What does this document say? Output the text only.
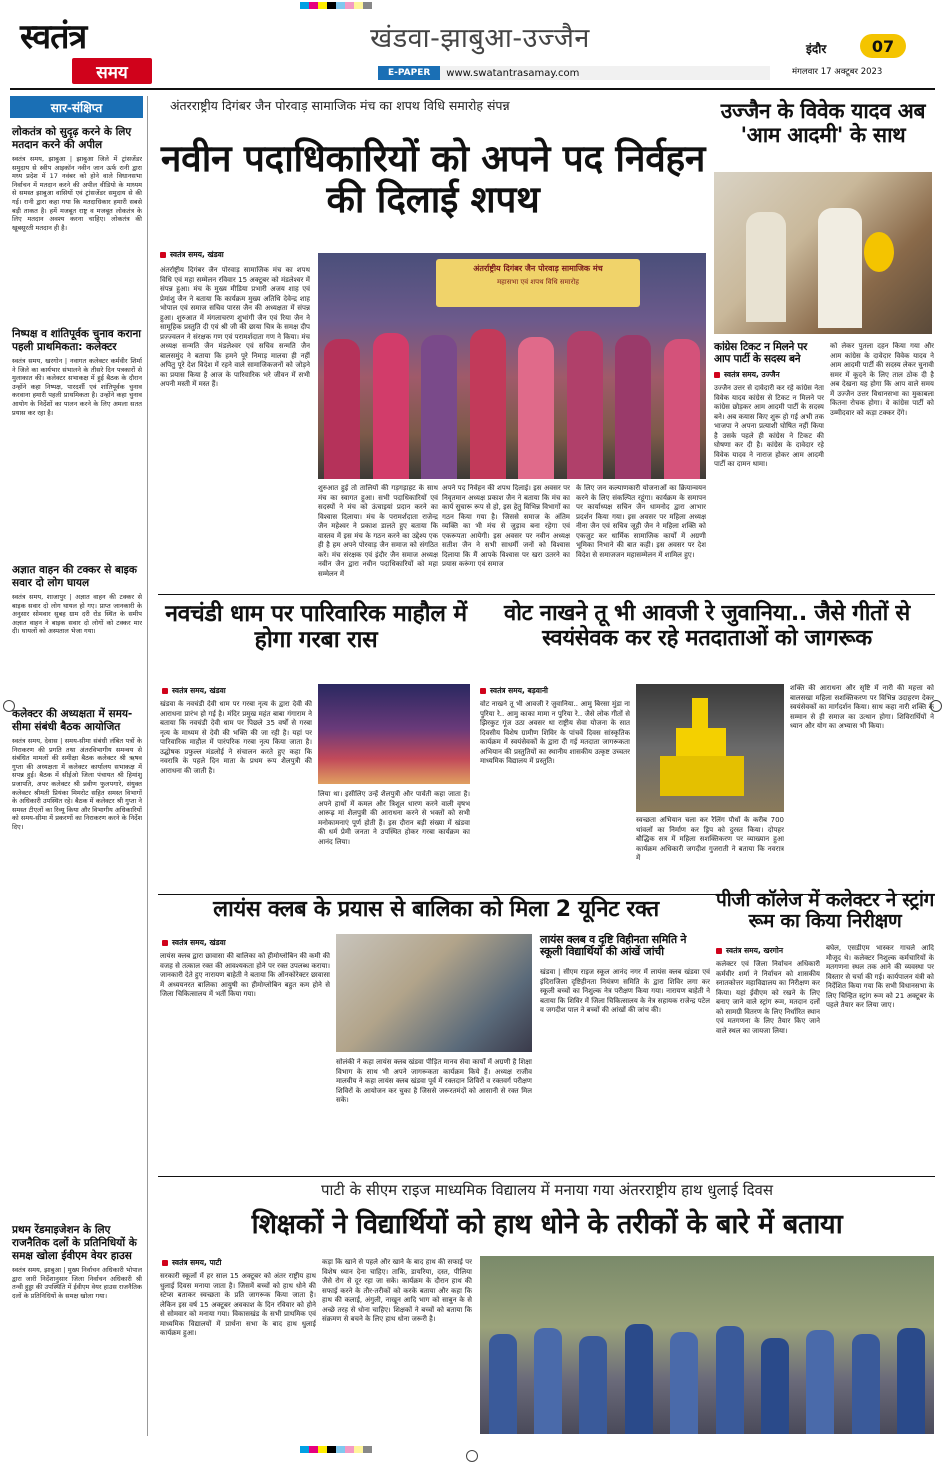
स्वतंत्र
समय
खंडवा-झाबुआ-उज्जैन
E-PAPER	www.swatantrasamay.com
इंदौर	07
मंगलवार 17 अक्टूबर 2023
सार-संक्षिप्त
लोकतंत्र को सुदृढ़ करने के लिए मतदान करने की अपील
स्वतंत्र समय, झाबुआ | झाबुआ जिले में ट्रांसजेंडर समुदाय से स्वीप आइकॉन नवीन जान ऊर्फ रानी द्वारा मध्य प्रदेश में 17 नवंबर को होने वाले विधानसभा निर्वाचन में मतदान करने की अपील वीडियो के माध्यम से समस्त झाबुआ वासियों एवं ट्रांसजेंडर समुदाय से की गई। रानी द्वारा कहा गया कि मतदाधिकार हमारी सबसे बड़ी ताकत है। हमें मजबूत राष्ट्र व मजबूत लोकतंत्र के लिए मतदान अवश्य करना चाहिए। लोकतंत्र की खूबसूरती मतदान ही है।
निष्पक्ष व शांतिपूर्वक चुनाव कराना पहली प्राथमिकता: कलेक्टर
स्वतंत्र समय, खरगोन | नवागत कलेक्टर कर्मवीर शिर्मा ने जिले का कार्यभार संभालने के तीसरे दिन पत्रकारों से मुलाकात की। कलेक्टर सभाकक्ष में हुई बैठक के दौरान उन्होंने कहा निष्पक्ष, पारदर्शी एवं शांतिपूर्वक चुनाव करवाना हमारी पहली प्राथमिकता है। उन्होंने कहा चुनाव आयोग के निर्देशों का पालन करने के लिए अमला सतत प्रयास कर रहा है।
अज्ञात वाहन की टक्कर से बाइक सवार दो लोग घायल
स्वतंत्र समय, शाजापुर | अज्ञात वाहन की टक्कर से बाइक सवार दो लोग घायल हो गए। प्राप्त जानकारी के अनुसार सोमवार सुबह ग्राम दरी रोड स्थित के समीप अज्ञात वाहन ने बाइक सवार दो लोगों को टक्कर मार दी। घायलों को अस्पताल भेजा गया।
कलेक्टर की अध्यक्षता में समय-सीमा संबंधी बैठक आयोजित
स्वतंत्र समय, देवास | समय-सीमा संबंधी लंबित पत्रों के निराकरण की प्रगति तथा अंतरविभागीय समन्वय से संबंधित मामलों की समीक्षा बैठक कलेक्टर श्री ऋषव गुप्ता की अध्यक्षता में कलेक्टर कार्यालय सभाकक्ष में सपन्न हुई। बैठक में सीईओ जिला पंचायत श्री हिमांशु प्रजापति, अपर कलेक्टर श्री प्रवीण फुलपगारे, संयुक्त कलेक्टर श्रीमती प्रियंका मिमरोट सहित समस्त विभागों के अधिकारी उपस्थित रहे। बैठक में कलेक्टर श्री गुप्ता ने समस्त टीएलों का रिव्यू किया और विभागीय अधिकारियों को समय-सीमा में प्रकरणों का निराकरण करने के निर्देश दिए।
प्रथम रेंडमाइजेशन के लिए राजनैतिक दलों के प्रतिनिधियों के समक्ष खोला ईवीएम वेयर हाउस
स्वतंत्र समय, झाबुआ | मुख्य निर्वाचन अधिकारी भोपाल द्वारा जारी निर्देशानुसार जिला निर्वाचन अधिकारी श्री तन्वी हुड्डा की उपस्थिति में ईवीएम वेयर हाउस राजनैतिक दलों के प्रतिनिधियों के समक्ष खोला गया।
अंतरराष्ट्रीय दिगंबर जैन पोरवाड़ सामाजिक मंच का शपथ विधि समारोह संपन्न
नवीन पदाधिकारियों को अपने पद निर्वहन की दिलाई शपथ
स्वतंत्र समय, खंडवा
अंतर्राष्ट्रीय दिगंबर जैन पोरवाड़ सामाजिक मंच का शपथ विधि एवं महा सम्मेलन रविवार 15 अक्टूबर को मंडलेश्वर में संपन्न हुआ। मंच के मुख्य मीडिया प्रभारी अजय शाह एवं प्रेमांशु जैन ने बताया कि कार्यक्रम मुख्य अतिथि देवेन्द्र शाह भोपाल एवं समाज सचिव पारस जैन की अध्यक्षता में संपन्न हुआ। शुरुआत में मंगलाचरण शुभांगी जैन एवं रिया जैन ने सामूहिक प्रस्तुति दी एवं श्री जी की छाया चित्र के समक्ष दीप प्रज्ज्वलन ने संरक्षक गण एवं परामर्शदाता गण ने किया। मंच अध्यक्ष सन्मति जैन मंडलेश्वर एवं सचिव सन्मति जैन बालसमुंद ने बताया कि हमने पूरे निमाड़ मालवा ही नहीं अपितु पूरे देश विदेश में रहने वाले सामाजिकजनों को जोड़ने का प्रयास किया है आज के पारिवारिक भरे जीवन में सभी अपनी मस्ती में मस्त हैं।
अंतर्राष्ट्रीय दिगंबर जैन पोरवाड़ सामाजिक मंच
महासभा एवं शपथ विधि समारोह
शुरुआत हुई तो तालियों की गड़गड़ाहट के साथ मंच का स्वागत हुआ। सभी पदाधिकारियों एवं सदस्यों ने मंच को ऊंचाइयां प्रदान करने का विश्वास दिलाया। मंच के परामर्शदाता राजेन्द्र जैन महेश्वर ने प्रकाश डालते हुए बताया कि वास्तव में इस मंच के गठन करने का उद्देश्य एक ही है हम अपने पोरवाड़ जैन समाज को संगठित करें। मंच संरक्षक एवं इंदौर जैन समाज अध्यक्ष नवीन जैन द्वारा नवीन पदाधिकारियों को महा सम्मेलन में
अपने पद निर्वहन की शपथ दिलाई। इस अवसर पर निवृतमान अध्यक्ष प्रकाश जैन ने बताया कि मंच का कार्य सुचारू रूप से हो, इस हेतु विभिन्न विभागों का गठन किया गया है। जिससे समाज के अंतिम व्यक्ति का भी मंच से जुड़ाव बना रहेगा एवं एकरूपता आयेगी। इस अवसर पर नवीन अध्यक्ष सतीश जैन ने सभी साधर्मी जनों को विश्वास दिलाया कि मैं आपके विश्वास पर खरा उतरने का प्रयास करूंगा एवं समाज
के लिए जन कल्याणकारी योजनाओं का क्रियान्वयन करने के लिए संकल्पित रहूंगा। कार्यक्रम के समापन पर कार्याध्यक्ष सचिन जैन धामनोद द्वारा आभार प्रदर्शन किया गया। इस अवसर पर महिला अध्यक्ष नीना जैन एवं सचिव जूही जैन ने महिला शक्ति को एकजुट कर धार्मिक सामाजिक कार्यों में अग्रणी भूमिका निभाने की बात कही। इस अवसर पर देश विदेश से समाजजन महासम्मेलन में शामिल हुए।
उज्जैन के विवेक यादव अब 'आम आदमी' के साथ
कांग्रेस टिकट न मिलने पर आप पार्टी के सदस्य बने
स्वतंत्र समय, उज्जैन
उज्जैन उत्तर से दावेदारी कर रहे कांग्रेस नेता विवेक यादव कांग्रेस से टिकट न मिलने पर कांग्रेस छोड़कर आम आदमी पार्टी के सदस्य बने। अब कयास किए शुरू हो गई अभी तक भाजपा ने अपना प्रत्याशी घोषित नहीं किया है उसके पहले ही कांग्रेस ने टिकट की घोषणा कर दी है। कांग्रेस के दावेदार रहे विवेक यादव ने नाराज होकर आम आदमी पार्टी का दामन थामा।
को लेकर पुतला दहन किया गया और आम कांग्रेस के दावेदार विवेक यादव ने आम आदमी पार्टी की सदस्य लेकर चुनावी समर में कूदने के लिए ताल ठोक दी है अब देखना यह होगा कि आप वाले समय में उज्जैन उत्तर विधानसभा का मुकाबला कितना रोचक होगा। वे कांग्रेस पार्टी को उम्मीदवार को कड़ा टक्कर देंगे।
नवचंडी धाम पर पारिवारिक माहौल में होगा गरबा रास
स्वतंत्र समय, खंडवा
खंडवा के नवचंडी देवी धाम पर गरबा नृत्य के द्वारा देवी की आराधना प्रारंभ हो गई है। मंदिर प्रमुख महंत बाबा गंगाराम ने बताया कि नवचंडी देवी धाम पर पिछले 35 वर्षों से गरबा नृत्य के माध्यम से देवी की भक्ति की जा रही है। यहां पर पारिवारिक माहौल में पारंपरिक गरबा नृत्य किया जाता है। उद्घोषक प्रफुल्ल मंडलोई ने संचालन करते हुए कहा कि नवरात्रि के पहले दिन माता के प्रथम रूप शैलपुत्री की आराधना की जाती है।
लिया था। इसीलिए उन्हें शैलपुत्री और पार्वती कहा जाता है। अपने हाथों में कमल और त्रिशूल धारण करने वाली वृषभ आरूढ़ मां शैलपुत्री की आराधना करने से भक्तों को सभी मनोकामनाएं पूर्ण होती हैं। इस दौरान बड़ी संख्या में खंडवा की धर्म प्रेमी जनता ने उपस्थित होकर गरबा कार्यक्रम का आनंद लिया।
वोट नाखने तू भी आवजी रे जुवानिया.. जैसे गीतों से स्वयंसेवक कर रहे मतदाताओं को जागरूक
स्वतंत्र समय, बड़वानी
वोट नाखने तू भी आवजी रे जुवानिया.. आमु बिरसा मुंडा ना पुरिया रे.. आमु काका मामा न पुरिया रे.. जैसे लोक गीतों से झिरकुट गूंज उठा अवसर था राष्ट्रीय सेवा योजना के सात दिवसीय विशेष ग्रामीण शिविर के पांचवें दिवस सांस्कृतिक कार्यक्रम में स्वयंसेवकों के द्वारा दी गई मतदाता जागरूकता अभियान की प्रस्तुतियों का स्थानीय शासकीय उत्कृष्ट उच्चतर माध्यमिक विद्यालय में प्रस्तुति।
स्वच्छता अभियान चला कर रैलिंग पौधों के करीब 700 थांवलों का निर्माण कर ड्रिप को दुरस्त किया। दोपहर बौद्धिक सत्र में महिला सशक्तिकरण पर व्याख्यान हुआ कार्यक्रम अधिकारी जगदीश गुजराती ने बताया कि नवरात्र में
शक्ति की आराधना और सृष्टि में नारी की महत्ता को बालसखा महिला सशक्तिकरण पर विभिन्न उदाहरण देकर स्वयंसेवकों का मार्गदर्शन किया। साथ कहा नारी शक्ति के सम्मान से ही समाज का उत्थान होगा। शिविरार्थियों ने ध्यान और योग का अभ्यास भी किया।
लायंस क्लब के प्रयास से बालिका को मिला 2 यूनिट रक्त
स्वतंत्र समय, खंडवा
लायंस क्लब द्वारा छावासा की बालिका को हीमोग्लोबिन की कमी की वजह से तत्काल रक्त की आवश्यकता होने पर रक्त उपलब्ध कराया। जानकारी देते हुए नारायण बाहेती ने बताया कि ऑनकोरेक्टर छावासा में अध्ययनरत बालिका आयुषी का हीमोग्लोबिन बहुत कम होने से जिला चिकित्सालय में भर्ती किया गया।
सोलंकी ने कहा लायंस क्लब खंडवा पीड़ित मानव सेवा कार्यों में अग्रणी है शिक्षा विभाग के साथ भी अपने जागरूकता कार्यक्रम किये हैं। अध्यक्ष राजीव मालवीय ने कहा लायंस क्लब खंडवा पूर्व में रक्तदान शिविरों व रक्तवर्ग परीक्षण शिविरों के आयोजन कर चुका है जिससे जरूरतमंदों को आसानी से रक्त मिल सके।
लायंस क्लब व दृष्टि विहीनता समिति ने स्कूली विद्यार्थियों की आंखें जांची
खंडवा | सीएम राइज स्कूल आनंद नगर में लायंस क्लब खंडवा एवं इंदिराजिला दृष्टिहीनता नियंत्रण समिति के द्वारा शिविर लगा कर स्कूली बच्चों का निशुल्क नेत्र परीक्षण किया गया। नारायण बाहेती ने बताया कि शिविर में जिला चिकित्सालय के नेत्र सहायक राजेन्द्र पटेल व जगदीश पाल ने बच्चों की आंखों की जांच की।
पीजी कॉलेज में कलेक्टर ने स्ट्रांग रूम का किया निरीक्षण
स्वतंत्र समय, खरगोन
कलेक्टर एवं जिला निर्वाचन अधिकारी कर्मवीर शर्मा ने निर्वाचन को शासकीय स्नातकोत्तर महाविद्यालय का निरीक्षण कर किया। यहां ईवीएम को रखने के लिए बनाए जाने वाले स्ट्रांग रूम, मतदान दलों को सामग्री वितरण के लिए निर्धारित स्थान एवं मतगणना के लिए तैयार किए जाने वाले स्थल का जायजा लिया।
बघेल, एसडीएम भास्कर गाचले आदि मौजूद थे। कलेक्टर निशुल्क कर्मचारियों के मतगणना स्थल तक आने की व्यवस्था पर विस्तार से चर्चा की गई। कार्यपालन यंत्री को निर्देशित किया गया कि सभी विधानसभा के लिए चिन्हित स्ट्रांग रूम को 21 अक्टूबर के पहले तैयार कर लिया जाए।
पाटी के सीएम राइज माध्यमिक विद्यालय में मनाया गया अंतरराष्ट्रीय हाथ धुलाई दिवस
शिक्षकों ने विद्यार्थियों को हाथ धोने के तरीकों के बारे में बताया
स्वतंत्र समय, पाटी
सरकारी स्कूलों में हर साल 15 अक्टूबर को अंतर राष्ट्रीय हाथ धुलाई दिवस मनाया जाता है। जिसमें बच्चों को हाथ धोने की स्टेप्स बताकर स्वच्छता के प्रति जागरूक किया जाता है। लेकिन इस वर्ष 15 अक्टूबर अवकाश के दिन रविवार को होने से सोमवार को मनाया गया। विकासखंड के सभी प्राथमिक एवं माध्यमिक विद्यालयों में प्रार्थना सभा के बाद हाथ धुलाई कार्यक्रम हुआ।
कड़ा कि खाने से पहले और खाने के बाद हाथ की सफाई पर विशेष ध्यान देना चाहिए। ताकि, डायरिया, दस्त, पीलिया जैसे रोग से दूर रहा जा सके। कार्यक्रम के दौरान हाथ की सफाई करने के तौर-तरीकों को करके बताया और कहा कि हाथ की कलाई, अंगुली, नाखून आदि भाग को साबुन के से अच्छे तरह से धोना चाहिए। शिक्षकों ने बच्चों को बताया कि संक्रमण से बचने के लिए हाथ धोना जरूरी है।
